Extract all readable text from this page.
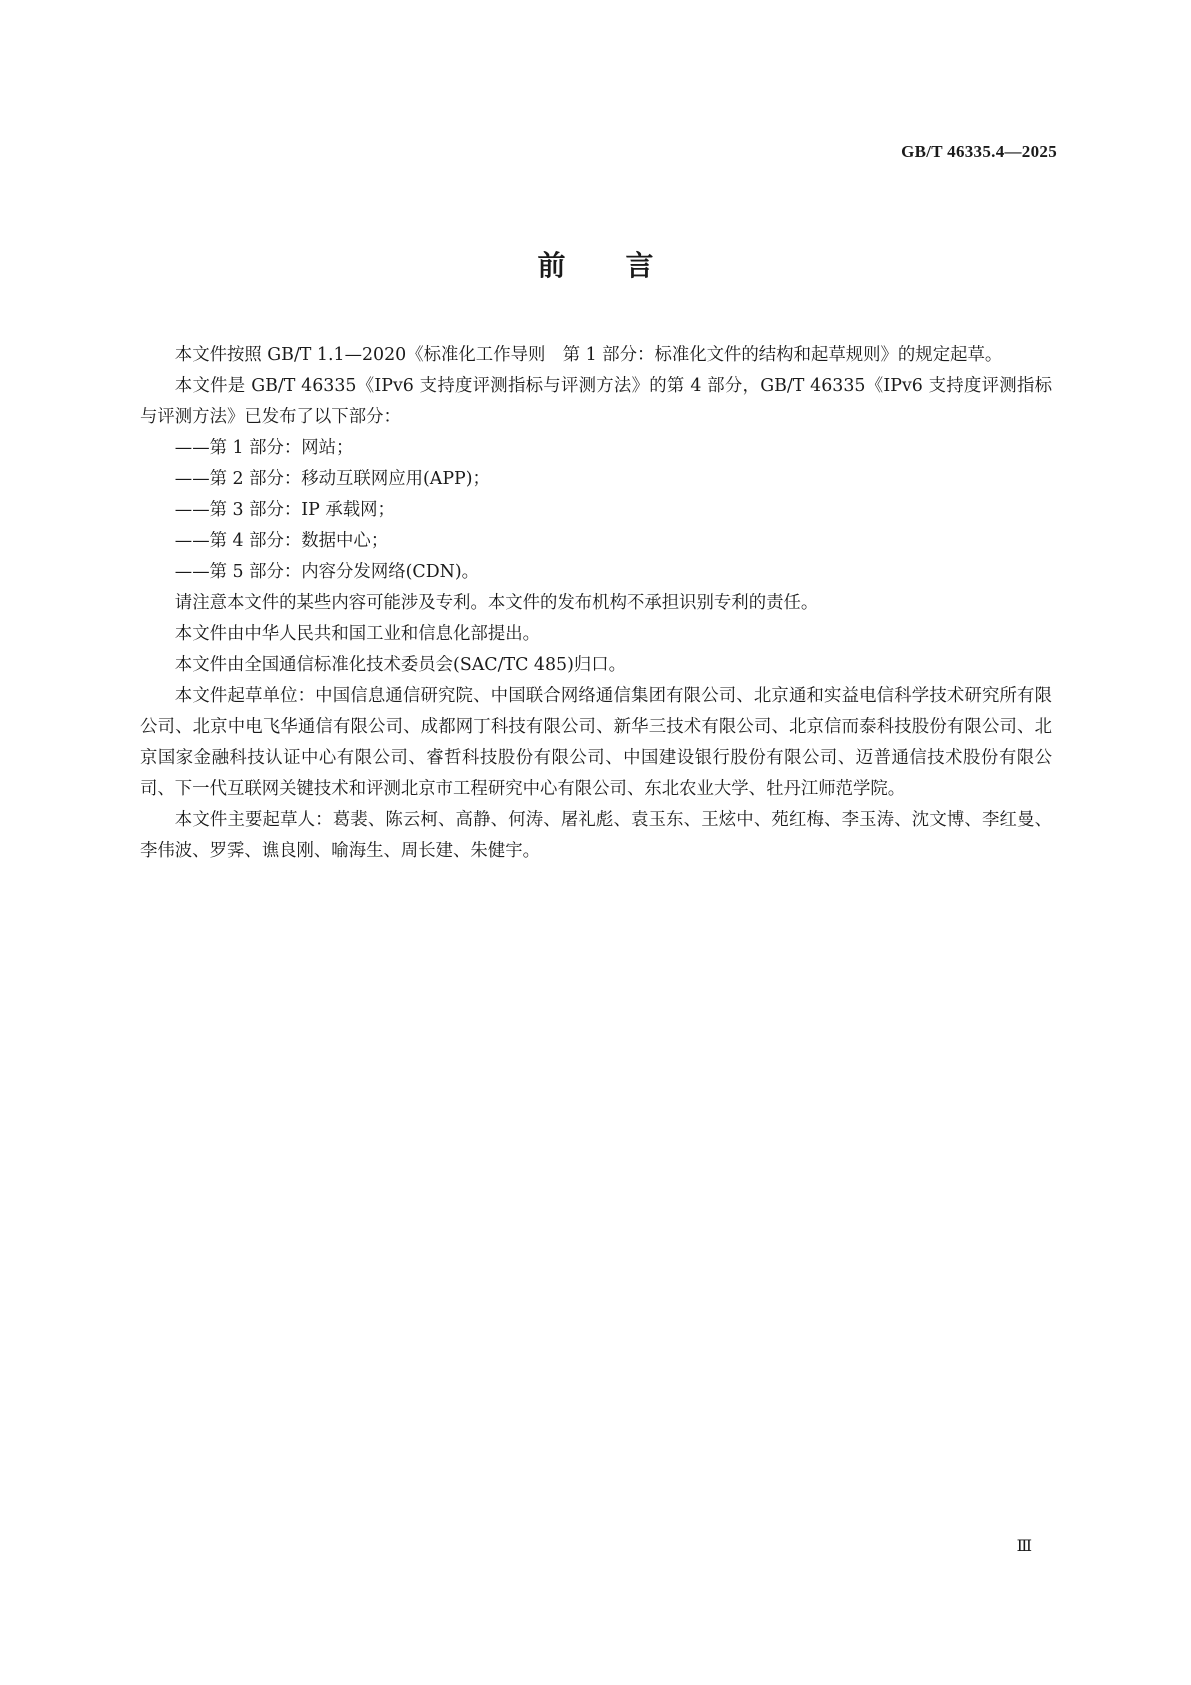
GB/T 46335.4—2025
前言

本文件按照 GB/T 1.1—2020《标准化工作导则　第 1 部分：标准化文件的结构和起草规则》的规定起草。

本文件是 GB/T 46335《IPv6 支持度评测指标与评测方法》的第 4 部分，GB/T 46335《IPv6 支持度评测指标与评测方法》已发布了以下部分：

——第 1 部分：网站；

——第 2 部分：移动互联网应用(APP)；

——第 3 部分：IP 承载网；

——第 4 部分：数据中心；

——第 5 部分：内容分发网络(CDN)。

请注意本文件的某些内容可能涉及专利。本文件的发布机构不承担识别专利的责任。

本文件由中华人民共和国工业和信息化部提出。

本文件由全国通信标准化技术委员会(SAC/TC 485)归口。

本文件起草单位：中国信息通信研究院、中国联合网络通信集团有限公司、北京通和实益电信科学技术研究所有限公司、北京中电飞华通信有限公司、成都网丁科技有限公司、新华三技术有限公司、北京信而泰科技股份有限公司、北京国家金融科技认证中心有限公司、睿哲科技股份有限公司、中国建设银行股份有限公司、迈普通信技术股份有限公司、下一代互联网关键技术和评测北京市工程研究中心有限公司、东北农业大学、牡丹江师范学院。

本文件主要起草人：葛裴、陈云柯、高静、何涛、屠礼彪、袁玉东、王炫中、苑红梅、李玉涛、沈文博、李红曼、李伟波、罗霁、谯良刚、喻海生、周长建、朱健宇。

Ⅲ
